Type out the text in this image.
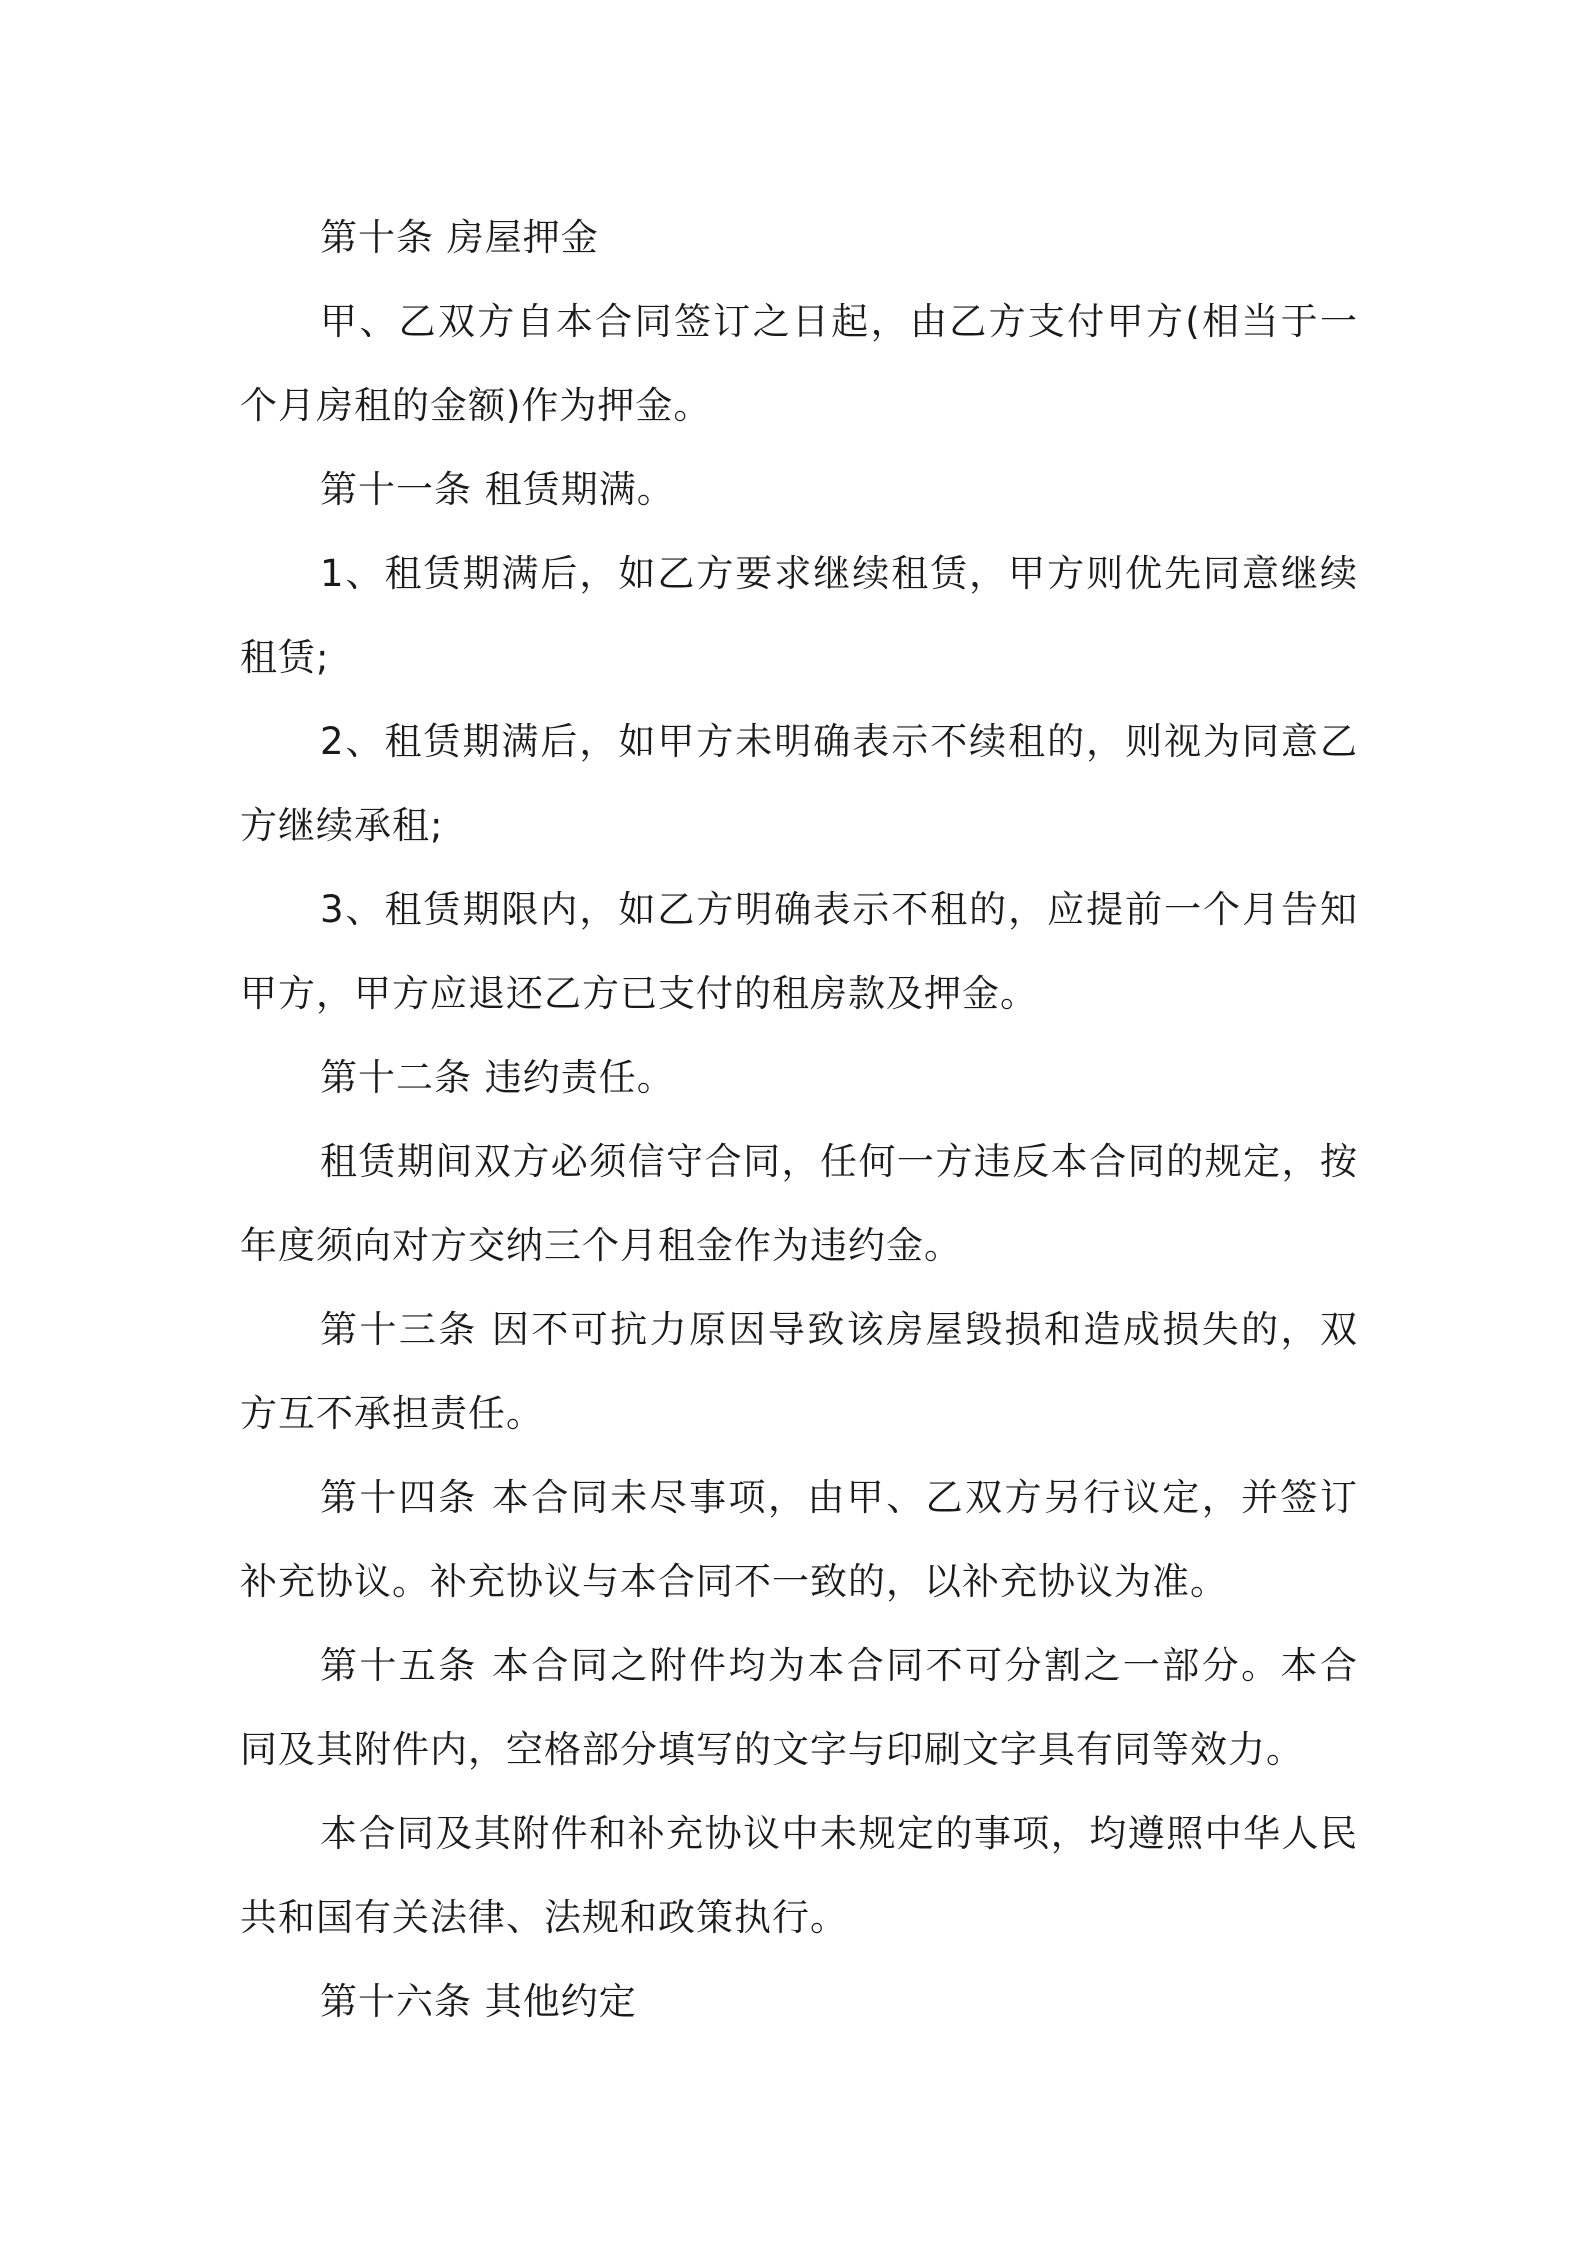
第十条 房屋押金

甲、乙双方自本合同签订之日起，由乙方支付甲方(相当于一个月房租的金额)作为押金。

第十一条 租赁期满。

1、租赁期满后，如乙方要求继续租赁，甲方则优先同意继续租赁;

2、租赁期满后，如甲方未明确表示不续租的，则视为同意乙方继续承租;

3、租赁期限内，如乙方明确表示不租的，应提前一个月告知甲方，甲方应退还乙方已支付的租房款及押金。

第十二条 违约责任。

租赁期间双方必须信守合同，任何一方违反本合同的规定，按年度须向对方交纳三个月租金作为违约金。

第十三条 因不可抗力原因导致该房屋毁损和造成损失的，双方互不承担责任。

第十四条 本合同未尽事项，由甲、乙双方另行议定，并签订补充协议。补充协议与本合同不一致的，以补充协议为准。

第十五条 本合同之附件均为本合同不可分割之一部分。本合同及其附件内，空格部分填写的文字与印刷文字具有同等效力。

本合同及其附件和补充协议中未规定的事项，均遵照中华人民共和国有关法律、法规和政策执行。

第十六条 其他约定
